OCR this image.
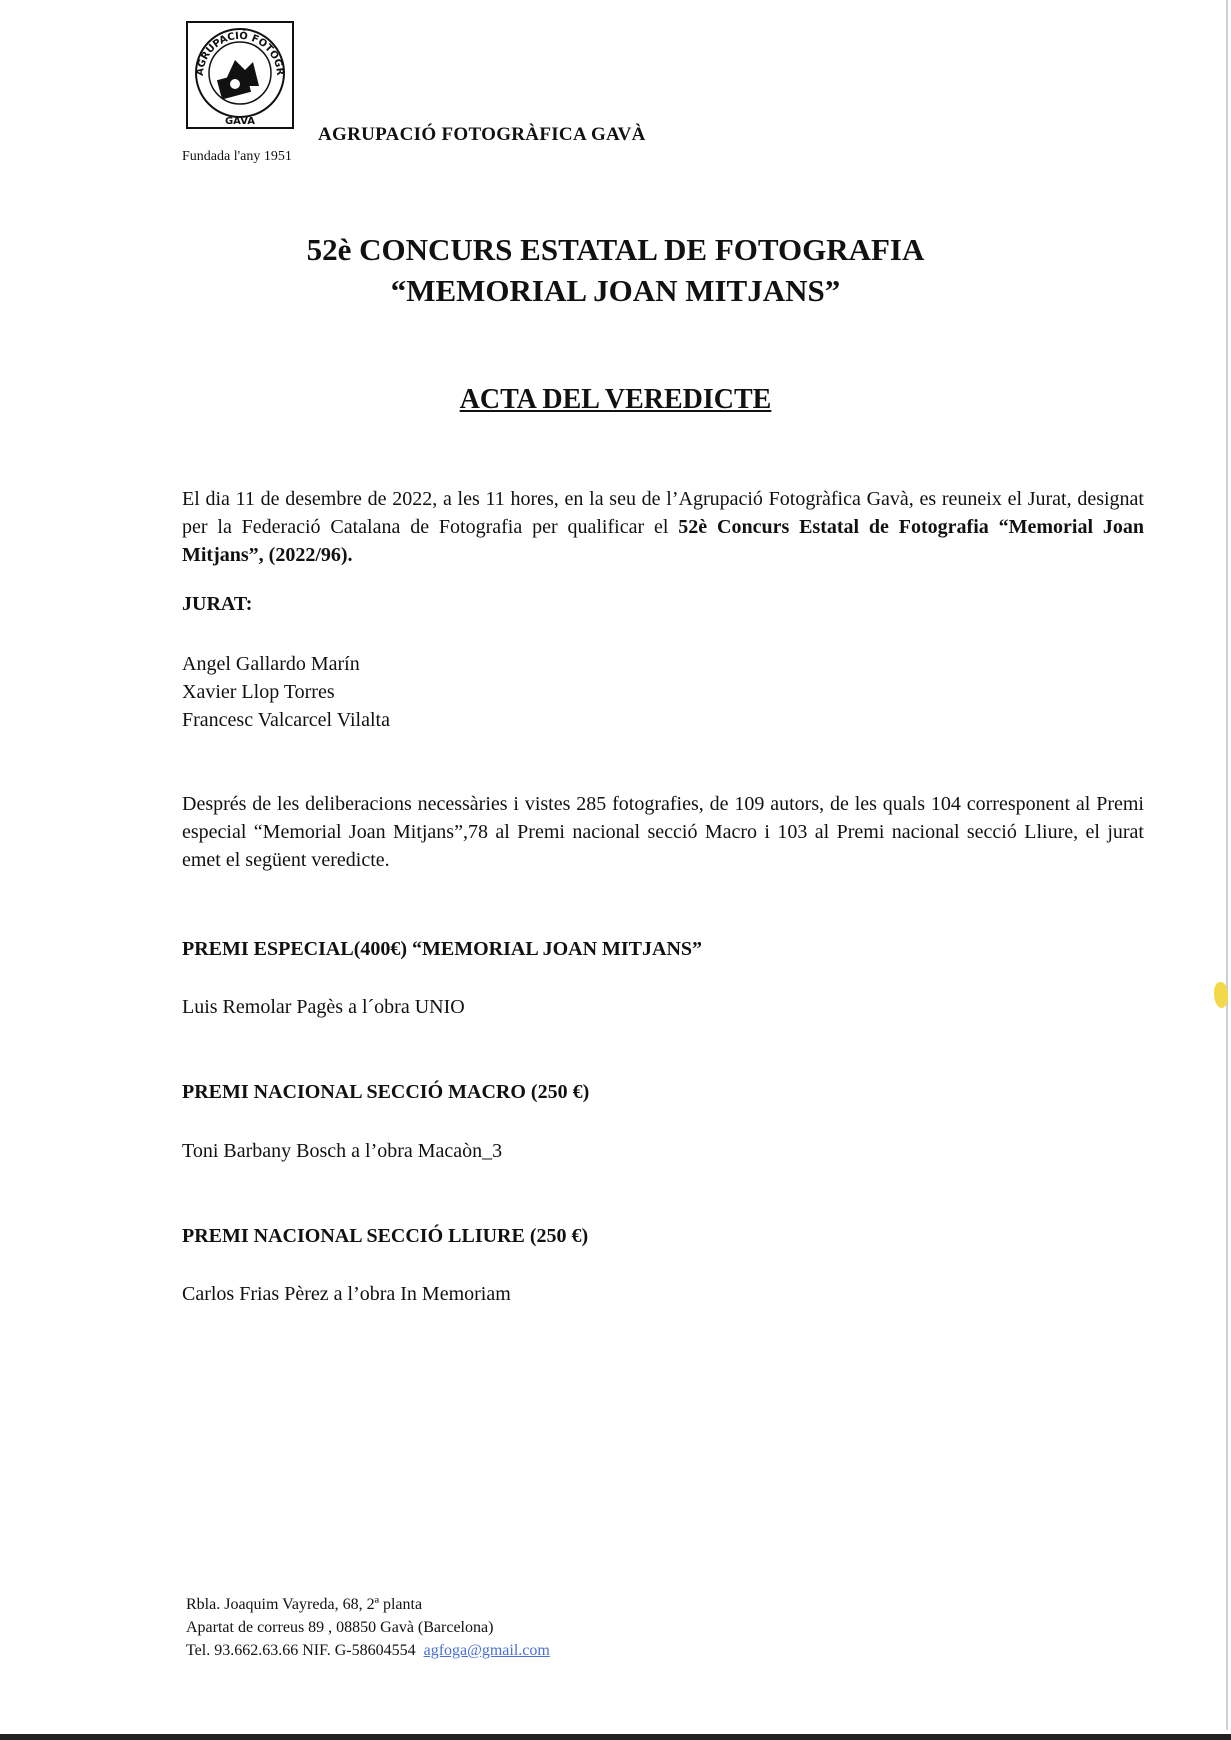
AGRUPACIÓ FOTOGR
GAVÀ
AGRUPACIÓ FOTOGRÀFICA GAVÀ
Fundada l'any 1951
52è CONCURS ESTATAL DE FOTOGRAFIA
“MEMORIAL JOAN MITJANS”
ACTA DEL VEREDICTE
El dia 11 de desembre de 2022, a les 11 hores, en la seu de l’Agrupació Fotogràfica Gavà, es reuneix el Jurat, designat per la Federació Catalana de Fotografia per qualificar el 52è Concurs Estatal de Fotografia “Memorial Joan Mitjans”, (2022/96).
JURAT:
Angel Gallardo Marín
Xavier Llop Torres
Francesc Valcarcel Vilalta
Després de les deliberacions necessàries i vistes 285 fotografies, de 109 autors, de les quals 104 corresponent al Premi especial “Memorial Joan Mitjans”,78 al Premi nacional secció Macro i 103 al Premi nacional secció Lliure, el jurat emet el següent veredicte.
PREMI ESPECIAL(400€) “MEMORIAL JOAN MITJANS”
Luis Remolar Pagès a l´obra UNIO
PREMI NACIONAL SECCIÓ MACRO (250 €)
Toni Barbany Bosch a l’obra Macaòn_3
PREMI NACIONAL SECCIÓ LLIURE (250 €)
Carlos Frias Pèrez a l’obra In Memoriam
Rbla. Joaquim Vayreda, 68, 2ª planta
Apartat de correus 89 , 08850 Gavà (Barcelona)
Tel. 93.662.63.66 NIF. G-58604554 agfoga@gmail.com
